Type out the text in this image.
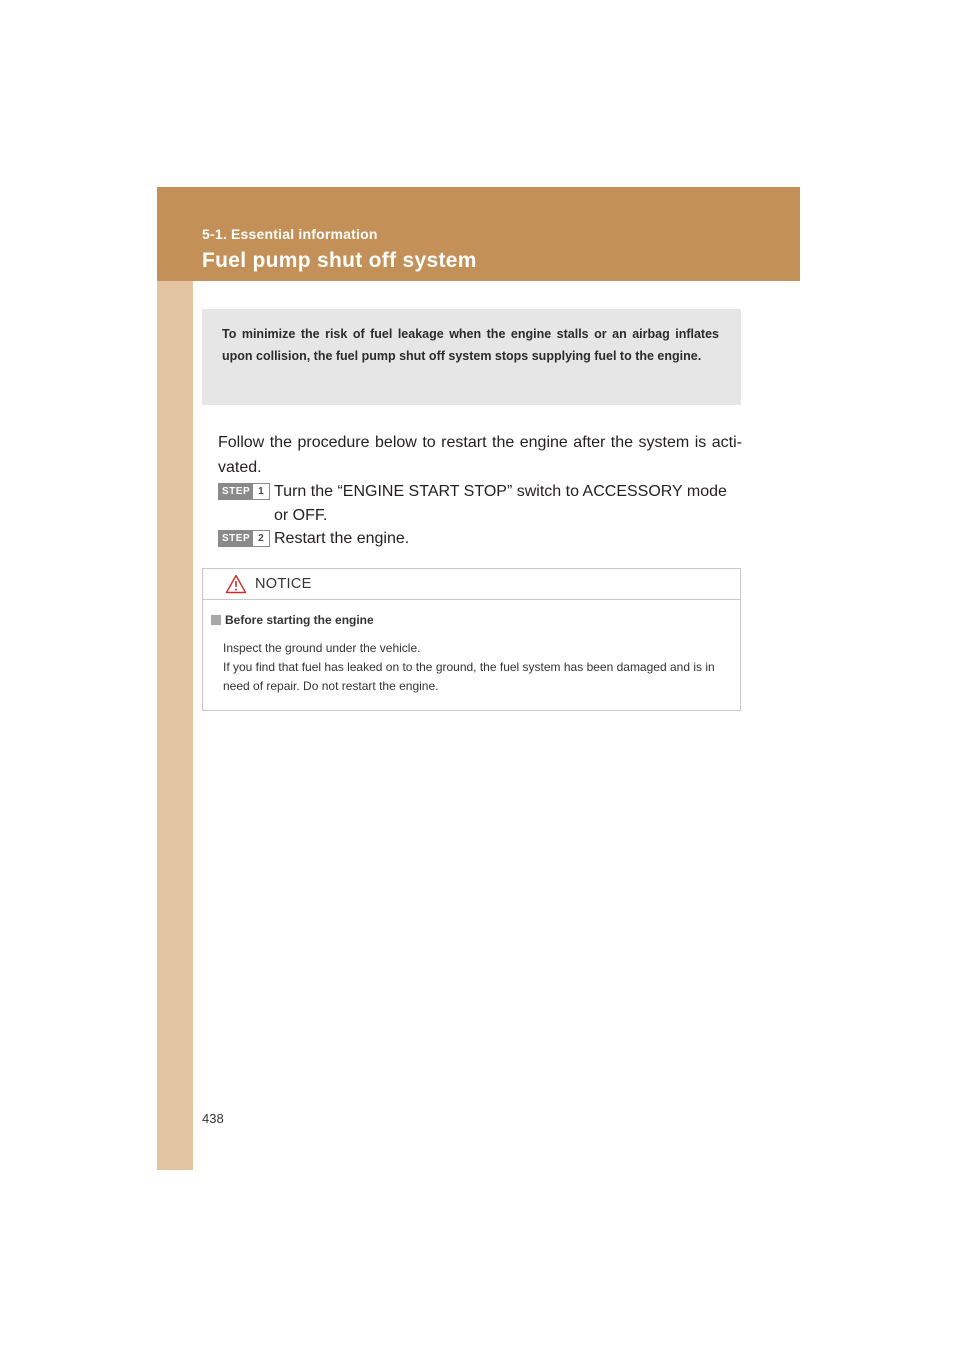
5-1. Essential information
Fuel pump shut off system

To minimize the risk of fuel leakage when the engine stalls or an airbag inflates upon collision, the fuel pump shut off system stops supplying fuel to the engine.

Follow the procedure below to restart the engine after the system is acti-vated.

STEP 1 Turn the “ENGINE START STOP” switch to ACCESSORY mode or OFF.
STEP 2 Restart the engine.
NOTICE
Before starting the engine

Inspect the ground under the vehicle.

If you find that fuel has leaked on to the ground, the fuel system has been damaged and is in need of repair. Do not restart the engine.

438
